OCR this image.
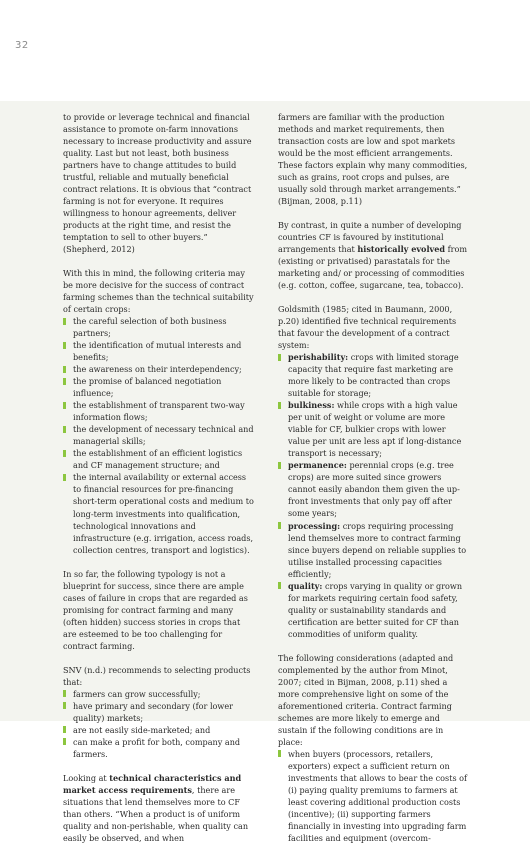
32

to provide or leverage technical and financial assistance to promote on-farm innovations necessary to increase productivity and assure quality. Last but not least, both business partners have to change attitudes to build trustful, reliable and mutually beneficial contract relations. It is obvious that “contract farming is not for everyone. It requires willingness to honour agreements, deliver products at the right time, and resist the temptation to sell to other buyers.” (Shepherd, 2012)

With this in mind, the following criteria may be more decisive for the success of contract farming schemes than the technical suitability of certain crops:

the careful selection of both business partners;
the identification of mutual interests and benefits;
the awareness on their interdependency;
the promise of balanced negotiation influence;
the establishment of transparent two-way information flows;
the development of necessary technical and managerial skills;
the establishment of an efficient logistics and CF management structure; and
the internal availability or external access to financial resources for pre-financing short-term operational costs and medium to long-term investments into qualification, technological innovations and infrastructure (e.g. irrigation, access roads, collection centres, transport and logistics).

In so far, the following typology is not a blueprint for success, since there are ample cases of failure in crops that are regarded as promising for contract farming and many (often hidden) success stories in crops that are esteemed to be too challenging for contract farming.

SNV (n.d.) recommends to selecting products that:

farmers can grow successfully;
have primary and secondary (for lower quality) markets;
are not easily side-marketed; and
can make a profit for both, company and farmers.

Looking at technical characteristics and market access requirements, there are situations that lend themselves more to CF than others. “When a product is of uniform quality and non-perishable, when quality can easily be observed, and when

farmers are familiar with the production methods and market requirements, then transaction costs are low and spot markets would be the most efficient arrangements. These factors explain why many commodities, such as grains, root crops and pulses, are usually sold through market arrangements.” (Bijman, 2008, p.11)

By contrast, in quite a number of developing countries CF is favoured by institutional arrangements that historically evolved from (existing or privatised) parastatals for the marketing and/ or processing of commodities (e.g. cotton, coffee, sugarcane, tea, tobacco).

Goldsmith (1985; cited in Baumann, 2000, p.20) identified five technical requirements that favour the development of a contract system:

perishability: crops with limited storage capacity that require fast marketing are more likely to be contracted than crops suitable for storage;
bulkiness: while crops with a high value per unit of weight or volume are more viable for CF, bulkier crops with lower value per unit are less apt if long-distance transport is necessary;
permanence: perennial crops (e.g. tree crops) are more suited since growers cannot easily abandon them given the up-front investments that only pay off after some years;
processing: crops requiring processing lend themselves more to contract farming since buyers depend on reliable supplies to utilise installed processing capacities efficiently;
quality: crops varying in quality or grown for markets requiring certain food safety, quality or sustainability standards and certification are better suited for CF than commodities of uniform quality.

The following considerations (adapted and complemented by the author from Minot, 2007; cited in Bijman, 2008, p.11) shed a more comprehensive light on some of the aforementioned criteria. Contract farming schemes are more likely to emerge and sustain if the following conditions are in place:

when buyers (processors, retailers, exporters) expect a sufficient return on investments that allows to bear the costs of (i) paying quality premiums to farmers at least covering additional production costs (incentive); (ii) supporting farmers financially in investing into upgrading farm facilities and equipment (overcom-
